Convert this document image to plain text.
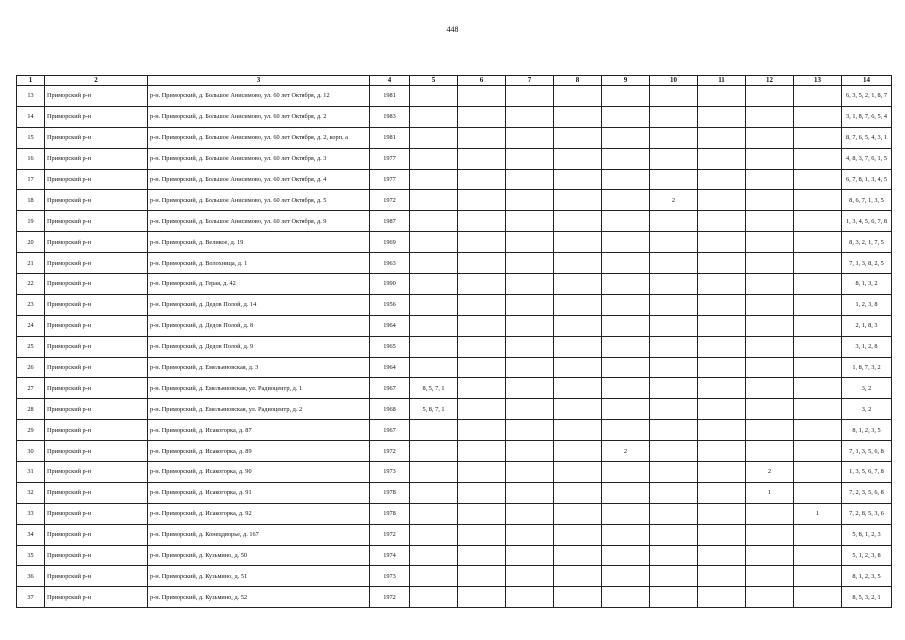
448
1	2	3	4	5	6	7	8	9	10	11	12	13	14
13	Приморский р-н	р-н. Приморский, д. Большое Анисимово, ул. 60 лет Октября, д. 12	1981										6, 3, 5, 2, 1, 8, 7
14	Приморский р-н	р-н. Приморский, д. Большое Анисимово, ул. 60 лет Октября, д. 2	1983										3, 1, 8, 7, 6, 5, 4
15	Приморский р-н	р-н. Приморский, д. Большое Анисимово, ул. 60 лет Октября, д. 2, корп. а	1981										8, 7, 6, 5, 4, 3, 1
16	Приморский р-н	р-н. Приморский, д. Большое Анисимово, ул. 60 лет Октября, д. 3	1977										4, 8, 3, 7, 6, 1, 5
17	Приморский р-н	р-н. Приморский, д. Большое Анисимово, ул. 60 лет Октября, д. 4	1977										6, 7, 8, 1, 3, 4, 5
18	Приморский р-н	р-н. Приморский, д. Большое Анисимово, ул. 60 лет Октября, д. 5	1972						2				8, 6, 7, 1, 3, 5
19	Приморский р-н	р-н. Приморский, д. Большое Анисимово, ул. 60 лет Октября, д. 9	1987										1, 3, 4, 5, 6, 7, 8
20	Приморский р-н	р-н. Приморский, д. Великое, д. 19	1969										8, 3, 2, 1, 7, 5
21	Приморский р-н	р-н. Приморский, д. Волохница, д. 1	1963										7, 1, 3, 8, 2, 5
22	Приморский р-н	р-н. Приморский, д. Герая, д. 42	1990										8, 1, 3, 2
23	Приморский р-н	р-н. Приморский, д. Дедов Полой, д. 14	1956										1, 2, 3, 8
24	Приморский р-н	р-н. Приморский, д. Дедов Полой, д. 8	1964										2, 1, 8, 3
25	Приморский р-н	р-н. Приморский, д. Дедов Полой, д. 9	1965										3, 1, 2, 8
26	Приморский р-н	р-н. Приморский, д. Емельяновская, д. 3	1964										1, 8, 7, 3, 2
27	Приморский р-н	р-н. Приморский, д. Емельяновская, ул. Радиоцентр, д. 1	1967	8, 5, 7, 1									3, 2
28	Приморский р-н	р-н. Приморский, д. Емельяновская, ул. Радиоцентр, д. 2	1968	5, 8, 7, 1									3, 2
29	Приморский р-н	р-н. Приморский, д. Исакогорка, д. 87	1967										8, 1, 2, 3, 5
30	Приморский р-н	р-н. Приморский, д. Исакогорка, д. 89	1972					2					7, 1, 3, 5, 6, 8
31	Приморский р-н	р-н. Приморский, д. Исакогорка, д. 90	1973								2		1, 3, 5, 6, 7, 8
32	Приморский р-н	р-н. Приморский, д. Исакогорка, д. 91	1978								1		7, 2, 3, 5, 6, 8
33	Приморский р-н	р-н. Приморский, д. Исакогорка, д. 92	1978									1	7, 2, 8, 5, 3, 6
34	Приморский р-н	р-н. Приморский, д. Конецдворье, д. 167	1972										5, 8, 1, 2, 3
35	Приморский р-н	р-н. Приморский, д. Кузьмино, д. 50	1974										5, 1, 2, 3, 8
36	Приморский р-н	р-н. Приморский, д. Кузьмино, д. 51	1973										8, 1, 2, 3, 5
37	Приморский р-н	р-н. Приморский, д. Кузьмино, д. 52	1972										8, 5, 3, 2, 1
